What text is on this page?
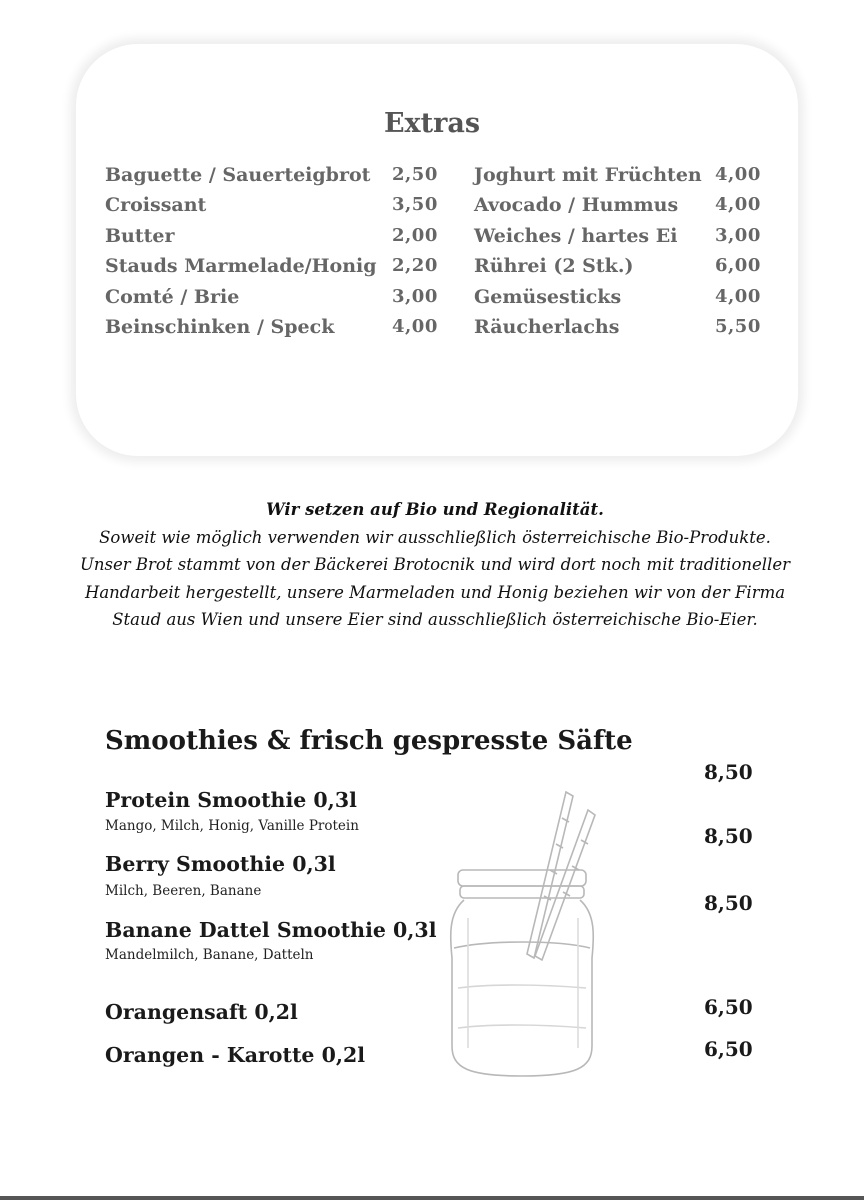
Extras
Baguette / Sauerteigbrot
Croissant
Butter
Stauds Marmelade/Honig
Comté / Brie
Beinschinken / Speck
2,50
3,50
2,00
2,20
3,00
4,00
Joghurt mit Früchten
Avocado / Hummus
Weiches / hartes Ei
Rührei (2 Stk.)
Gemüsesticks
Räucherlachs
4,00
4,00
3,00
6,00
4,00
5,50
Wir setzen auf Bio und Regionalität.
Soweit wie möglich verwenden wir ausschließlich österreichische Bio-Produkte. Unser Brot stammt von der Bäckerei Brotocnik und wird dort noch mit traditioneller Handarbeit hergestellt, unsere Marmeladen und Honig beziehen wir von der Firma Staud aus Wien und unsere Eier sind ausschließlich österreichische Bio-Eier.
Smoothies & frisch gespresste Säfte
Protein Smoothie 0,3l
Mango, Milch, Honig, Vanille Protein
8,50
Berry Smoothie 0,3l
Milch, Beeren, Banane
8,50
Banane Dattel Smoothie 0,3l
Mandelmilch, Banane, Datteln
8,50
Orangensaft 0,2l	6,50
Orangen - Karotte 0,2l	6,50
